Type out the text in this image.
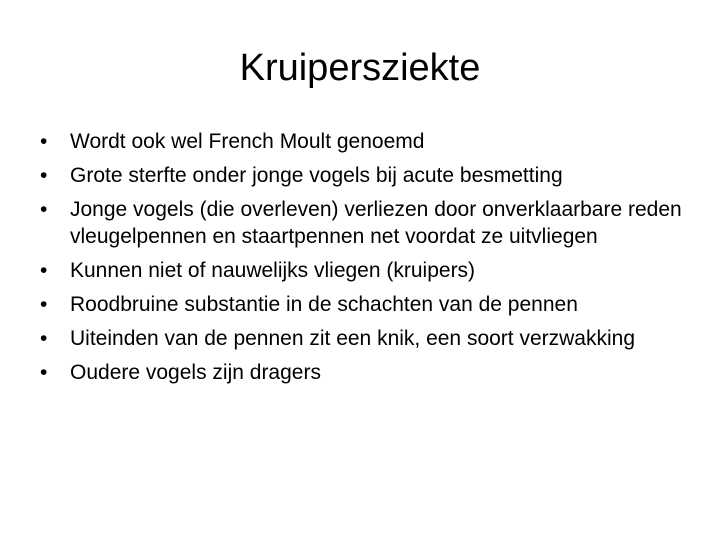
Kruipersziekte
•	Wordt ook wel French Moult genoemd
•	Grote sterfte onder jonge vogels bij acute besmetting
•	Jonge vogels (die overleven) verliezen door onverklaarbare reden vleugelpennen en staartpennen net voordat ze uitvliegen
•	Kunnen niet of nauwelijks vliegen (kruipers)
•	Roodbruine substantie in de schachten van de pennen
•	Uiteinden van de pennen zit een knik, een soort verzwakking
•	Oudere vogels zijn dragers
